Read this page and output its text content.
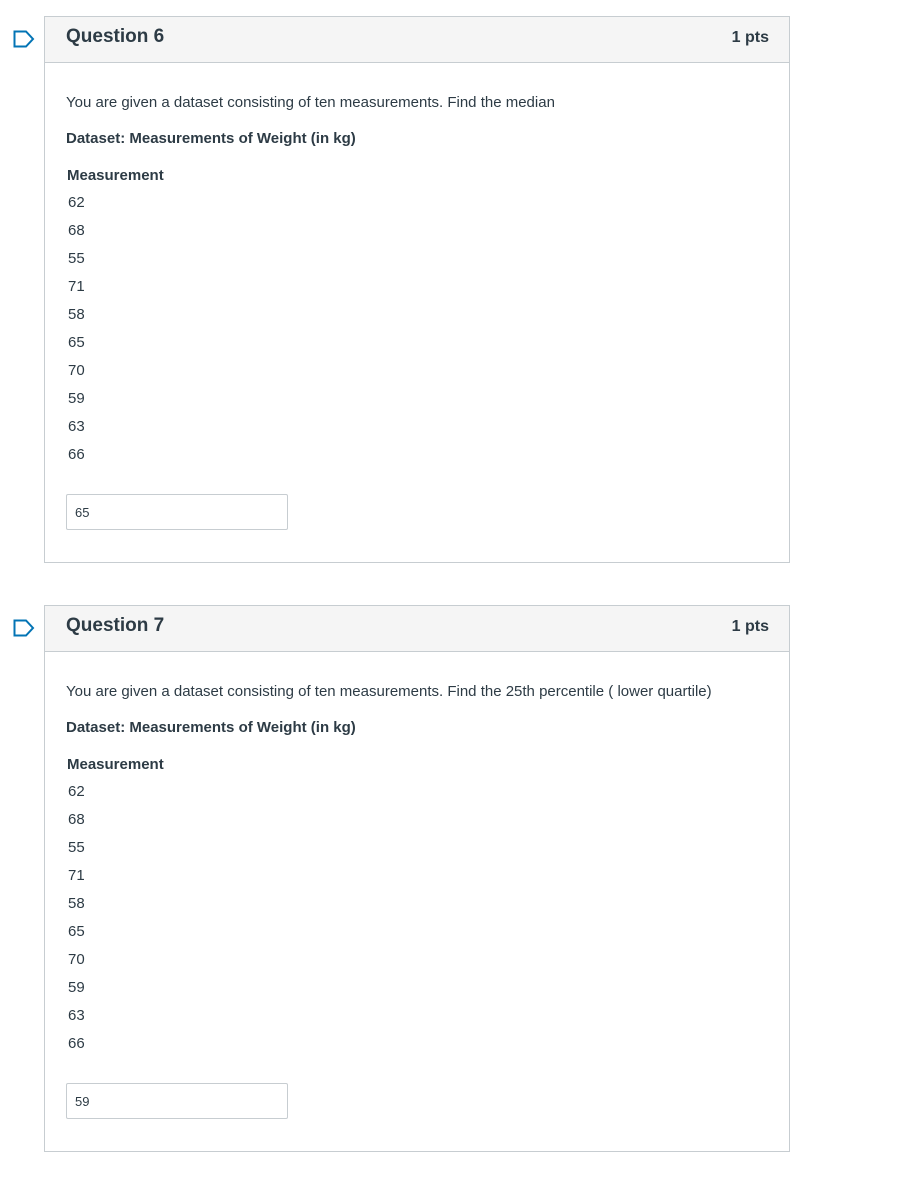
Question 6	1 pts
You are given a dataset consisting of ten measurements. Find the median
Dataset: Measurements of Weight (in kg)
Measurement
62
68
55
71
58
65
70
59
63
66
65
Question 7	1 pts
You are given a dataset consisting of ten measurements. Find the 25th percentile ( lower quartile)
Dataset: Measurements of Weight (in kg)
Measurement
62
68
55
71
58
65
70
59
63
66
59
